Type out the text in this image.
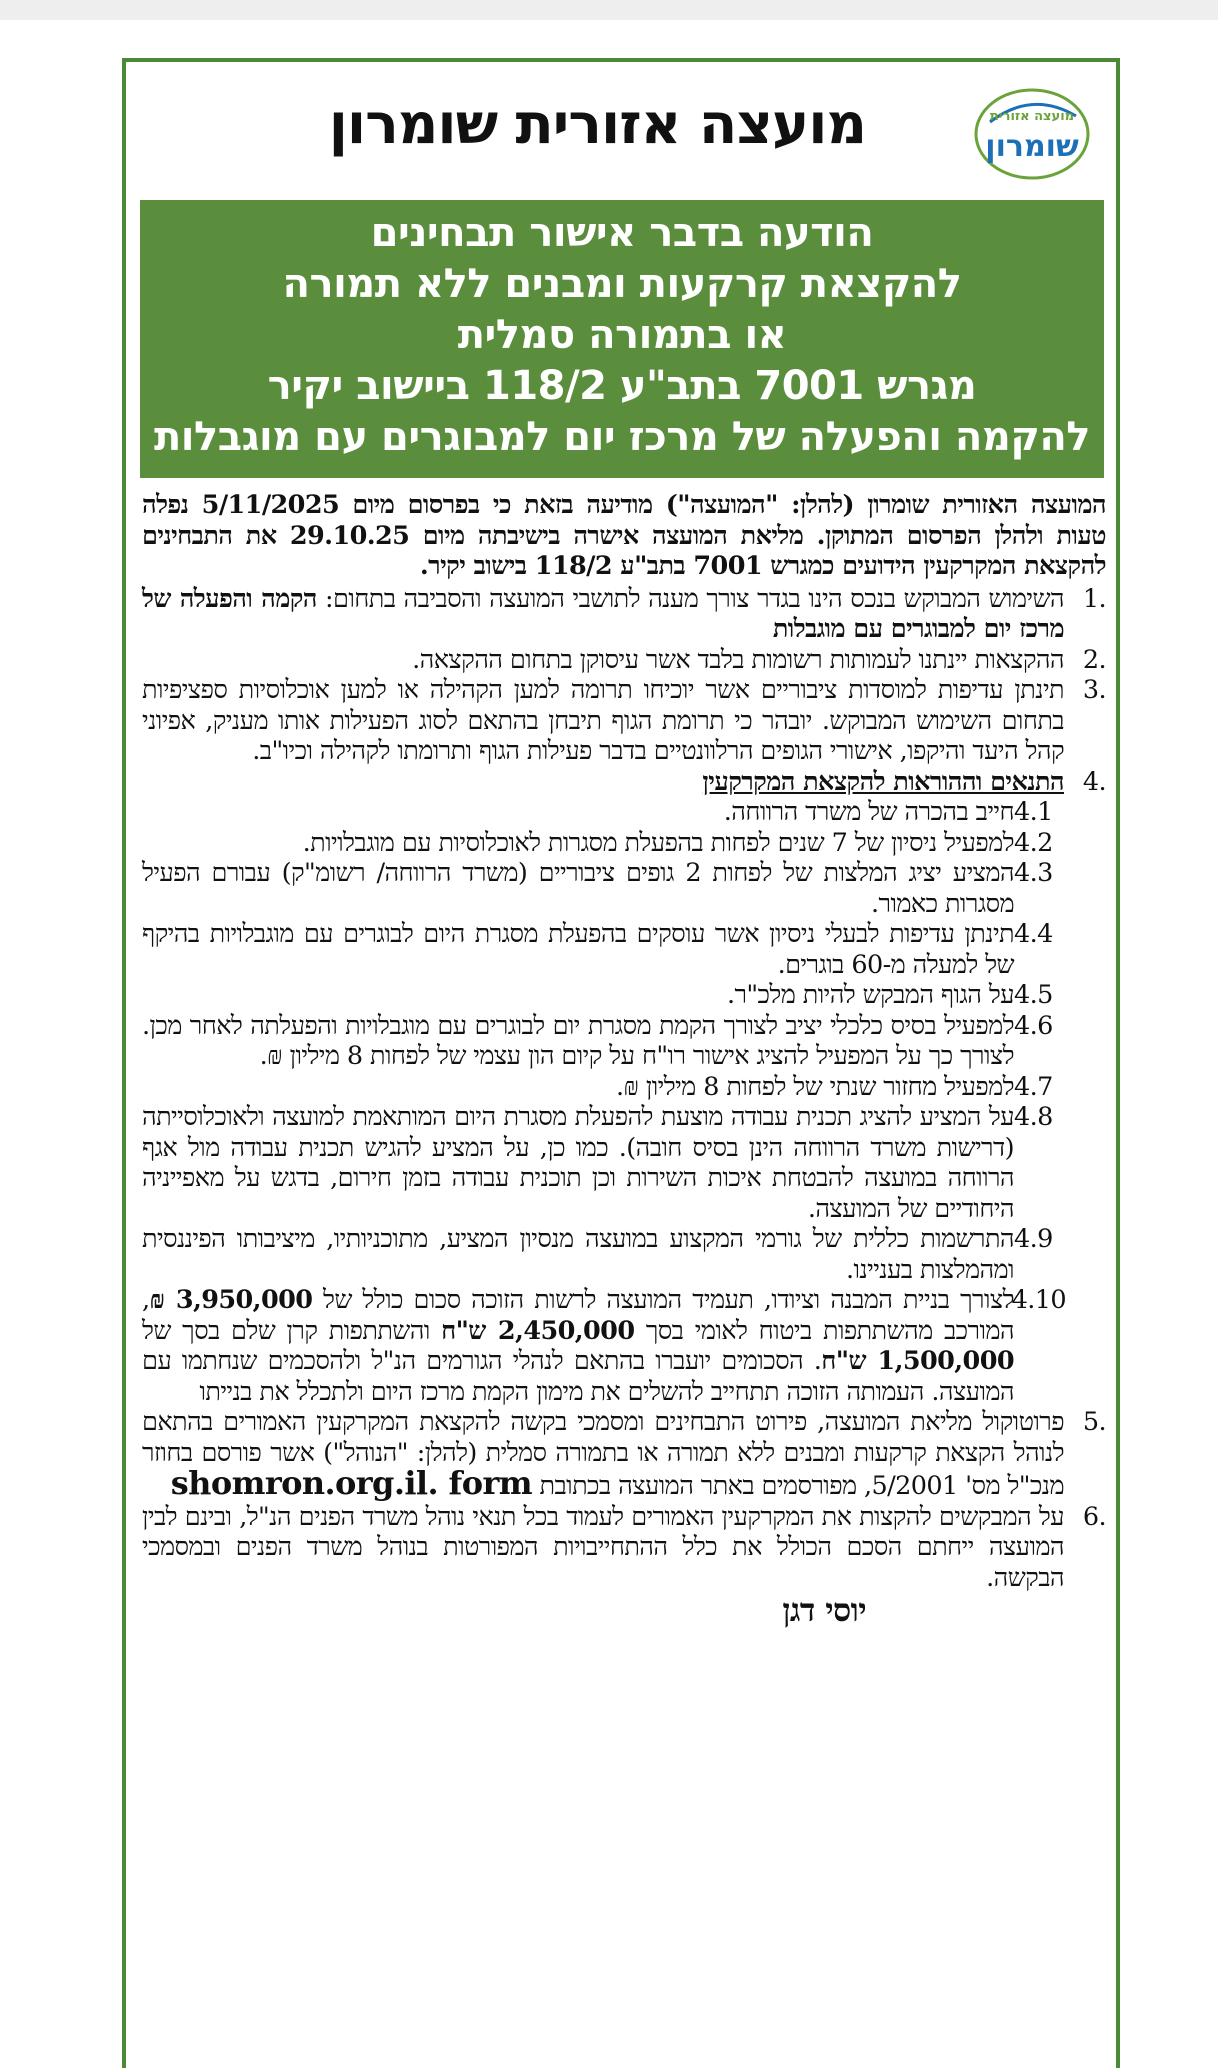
מועצה אזורית
שומרון
מועצה אזורית שומרון
הודעה בדבר אישור תבחינים
להקצאת קרקעות ומבנים ללא תמורה
או בתמורה סמלית
מגרש 7001 בתב"ע 118/2 ביישוב יקיר
להקמה והפעלה של מרכז יום למבוגרים עם מוגבלות

המועצה האזורית שומרון (להלן: "המועצה") מודיעה בזאת כי בפרסום מיום 5/11/2025 נפלה טעות ולהלן הפרסום המתוקן. מליאת המועצה אישרה בישיבתה מיום 29.10.25 את התבחינים להקצאת המקרקעין הידועים כמגרש 7001 בתב"ע 118/2 בישוב יקיר.

.1
השימוש המבוקש בנכס הינו בגדר צורך מענה לתושבי המועצה והסביבה בתחום: הקמה והפעלה של מרכז יום למבוגרים עם מוגבלות
.2
ההקצאות יינתנו לעמותות רשומות בלבד אשר עיסוקן בתחום ההקצאה.
.3
תינתן עדיפות למוסדות ציבוריים אשר יוכיחו תרומה למען הקהילה או למען אוכלוסיות ספציפיות בתחום השימוש המבוקש. יובהר כי תרומת הגוף תיבחן בהתאם לסוג הפעילות אותו מעניק, אפיוני קהל היעד והיקפו, אישורי הגופים הרלוונטיים בדבר פעילות הגוף ותרומתו לקהילה וכיו"ב.
.4
התנאים וההוראות להקצאת המקרקעין
4.1
חייב בהכרה של משרד הרווחה.
4.2
למפעיל ניסיון של 7 שנים לפחות בהפעלת מסגרות לאוכלוסיות עם מוגבלויות.
4.3
המציע יציג המלצות של לפחות 2 גופים ציבוריים (משרד הרווחה/ רשומ"ק) עבורם הפעיל מסגרות כאמור.
4.4
תינתן עדיפות לבעלי ניסיון אשר עוסקים בהפעלת מסגרת היום לבוגרים עם מוגבלויות בהיקף של למעלה מ-60 בוגרים.
4.5
על הגוף המבקש להיות מלכ"ר.
4.6
למפעיל בסיס כלכלי יציב לצורך הקמת מסגרת יום לבוגרים עם מוגבלויות והפעלתה לאחר מכן. לצורך כך על המפעיל להציג אישור רו"ח על קיום הון עצמי של לפחות 8 מיליון ₪.
4.7
למפעיל מחזור שנתי של לפחות 8 מיליון ₪.
4.8
על המציע להציג תכנית עבודה מוצעת להפעלת מסגרת היום המותאמת למועצה ולאוכלוסייתה (דרישות משרד הרווחה הינן בסיס חובה). כמו כן, על המציע להגיש תכנית עבודה מול אגף הרווחה במועצה להבטחת איכות השירות וכן תוכנית עבודה בזמן חירום, בדגש על מאפייניה היחודיים של המועצה.
4.9
התרשמות כללית של גורמי המקצוע במועצה מנסיון המציע, מתוכניותיו, מיציבותו הפיננסית ומהמלצות בעניינו.
4.10
לצורך בניית המבנה וציודו, תעמיד המועצה לרשות הזוכה סכום כולל של 3,950,000 ₪, המורכב מהשתתפות ביטוח לאומי בסך 2,450,000 ש"ח והשתתפות קרן שלם בסך של 1,500,000 ש"ח. הסכומים יועברו בהתאם לנהלי הגורמים הנ"ל ולהסכמים שנחתמו עם המועצה. העמותה הזוכה תתחייב להשלים את מימון הקמת מרכז היום ולתכלל את בנייתו
.5
פרוטוקול מליאת המועצה, פירוט התבחינים ומסמכי בקשה להקצאת המקרקעין האמורים בהתאם לנוהל הקצאת קרקעות ומבנים ללא תמורה או בתמורה סמלית (להלן: "הנוהל") אשר פורסם בחוזר מנכ"ל מס' 5/2001, מפורסמים באתר המועצה בכתובת shomron.org.il. form
.6
על המבקשים להקצות את המקרקעין האמורים לעמוד בכל תנאי נוהל משרד הפנים הנ"ל, ובינם לבין המועצה ייחתם הסכם הכולל את כלל ההתחייבויות המפורטות בנוהל משרד הפנים ובמסמכי הבקשה.
יוסי דגן
